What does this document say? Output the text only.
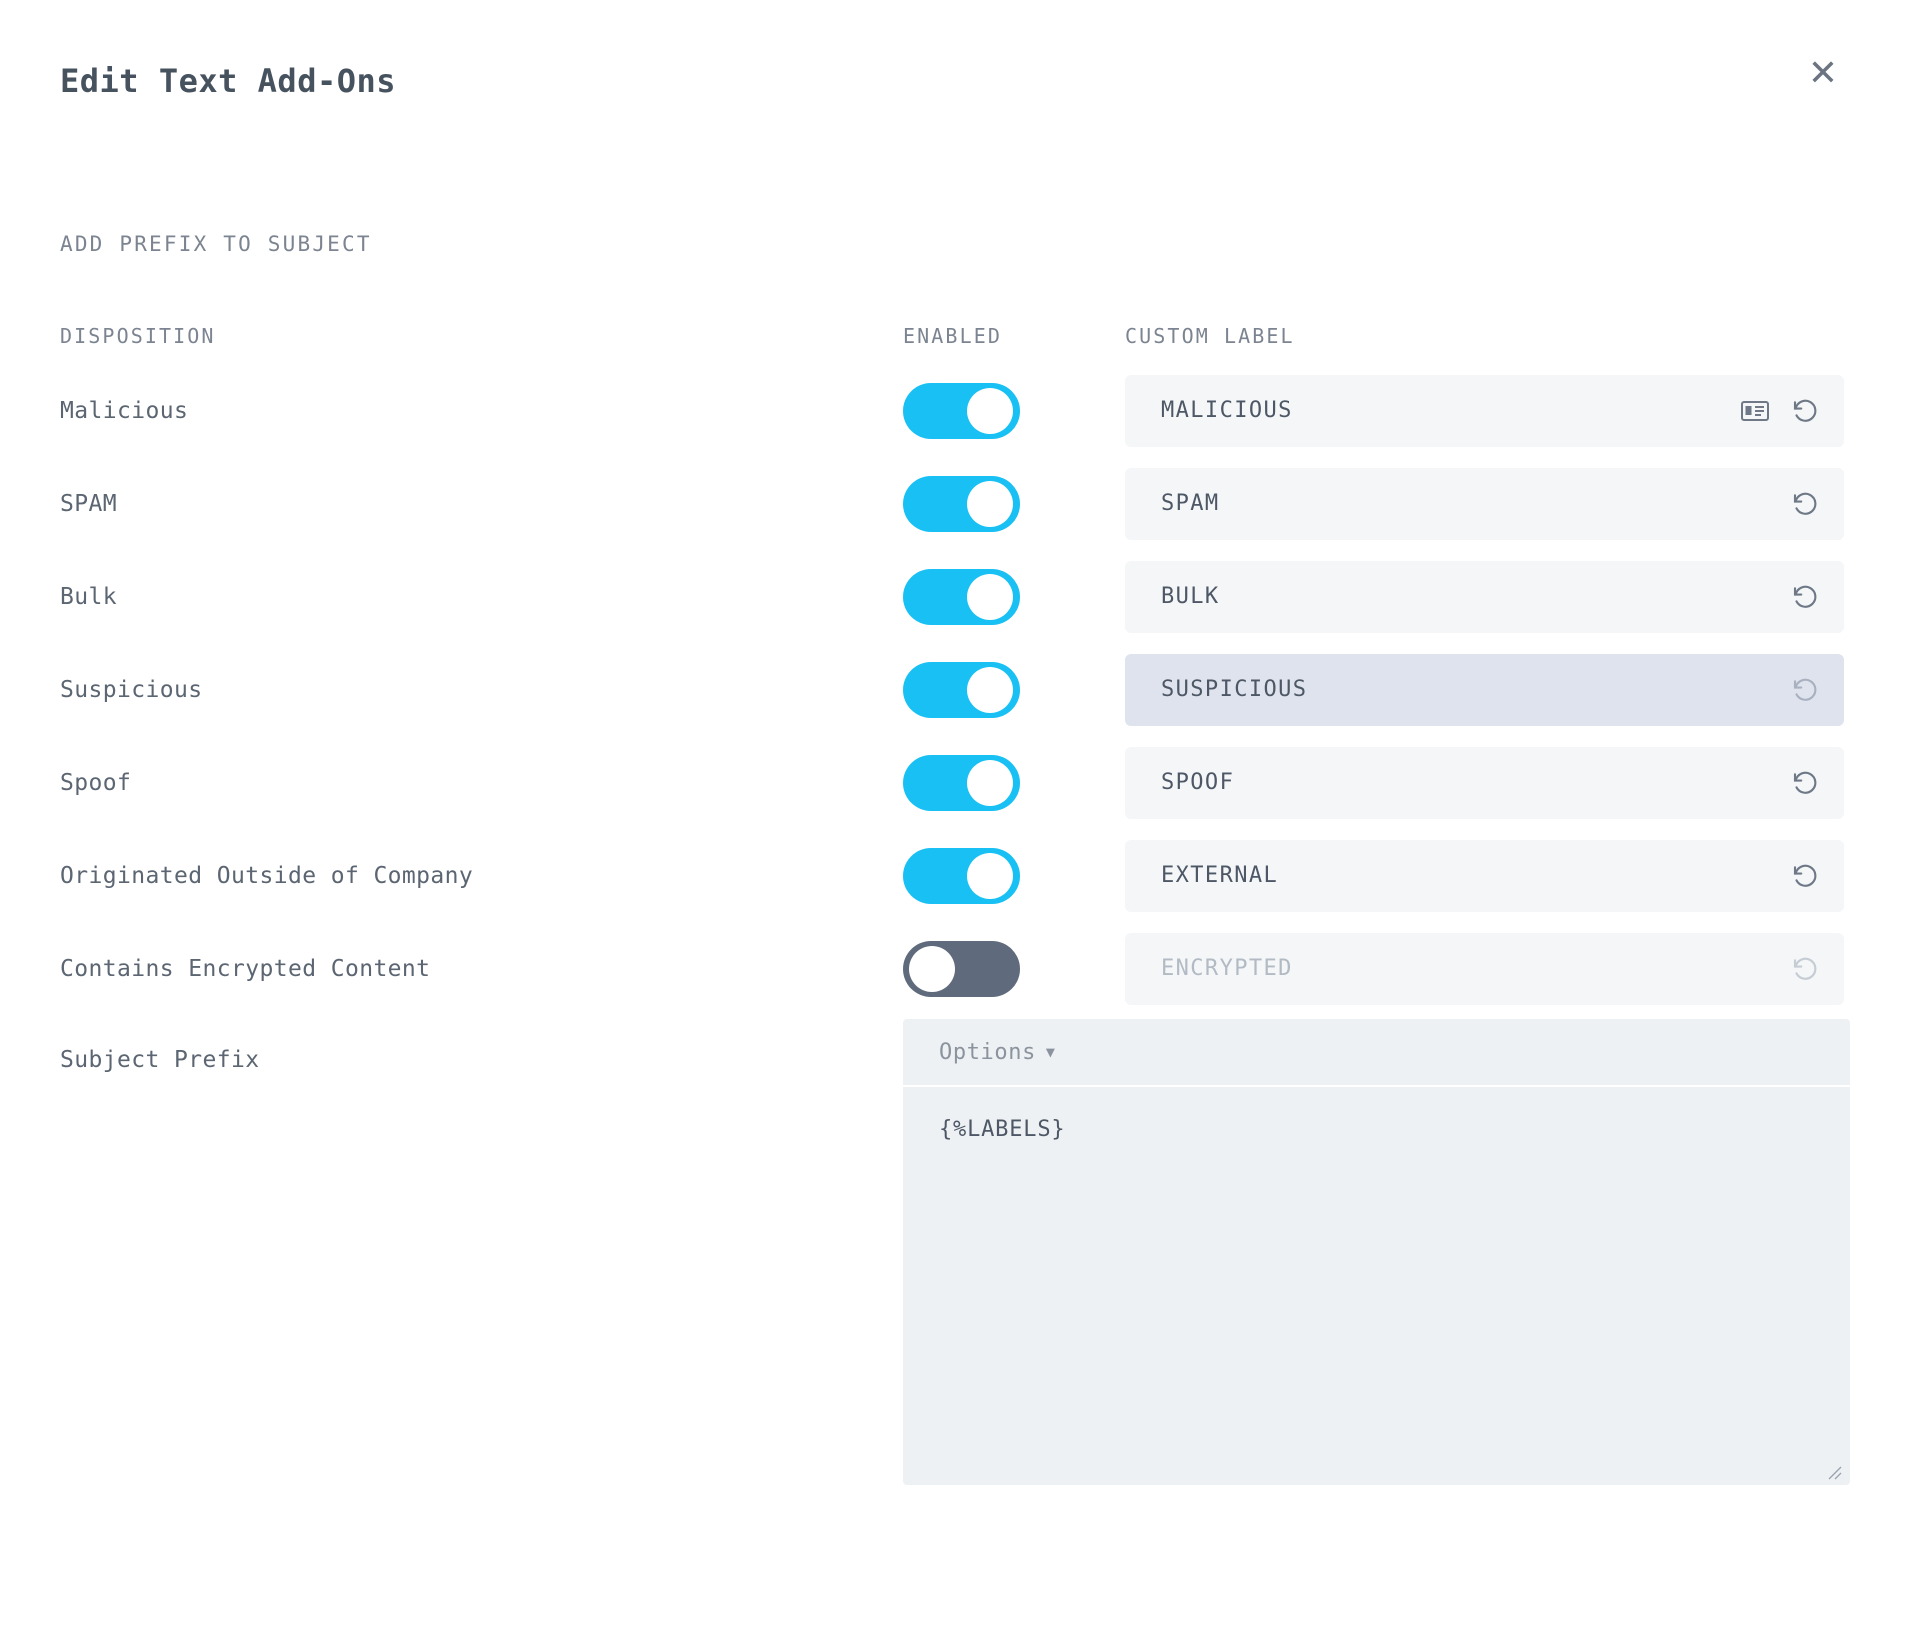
Edit Text Add-Ons	✕
ADD PREFIX TO SUBJECT
DISPOSITION	ENABLED	CUSTOM LABEL
Malicious	MALICIOUS
SPAM	SPAM
Bulk	BULK
Suspicious	SUSPICIOUS
Spoof	SPOOF
Originated Outside of Company	EXTERNAL
Contains Encrypted Content	ENCRYPTED
Subject Prefix	Options ▼
{%LABELS}
